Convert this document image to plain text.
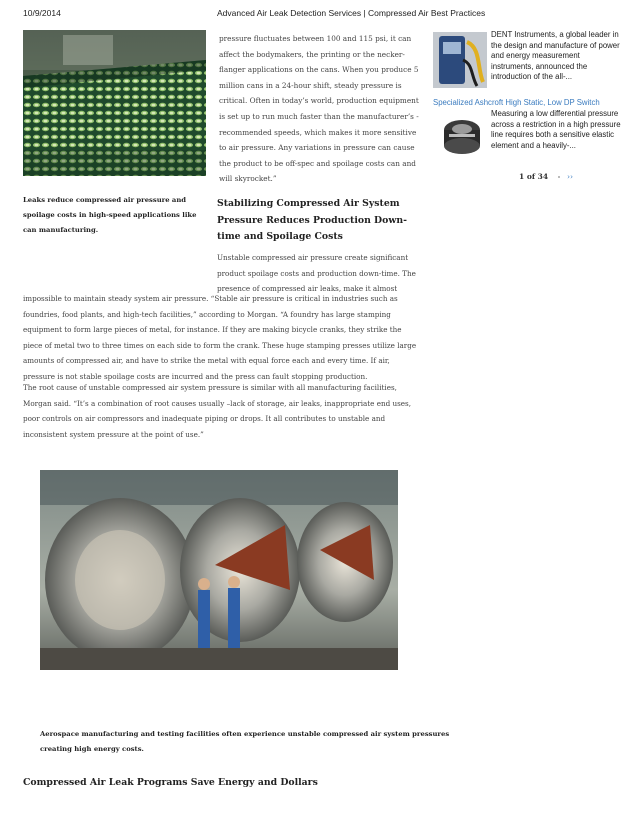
10/9/2014	Advanced Air Leak Detection Services | Compressed Air Best Practices

pressure fluctuates between 100 and 115 psi, it can affect the bodymakers, the printing or the necker-flanger applications on the cans. When you produce 5 million cans in a 24-hour shift, steady pressure is critical. Often in today’s world, production equipment is set up to run much faster than the manufacturer’s - recommended speeds, which makes it more sensitive to air pressure. Any variations in pressure can cause the product to be off-spec and spoilage costs can and will skyrocket.”

Leaks reduce compressed air pressure and spoilage costs in high-speed applications like can manufacturing.

Stabilizing Compressed Air System Pressure Reduces Production Down-time and Spoilage Costs

Unstable compressed air pressure create significant product spoilage costs and production down-time. The presence of compressed air leaks, make it almost

impossible to maintain steady system air pressure. “Stable air pressure is critical in industries such as foundries, food plants, and high-tech facilities,” according to Morgan. “A foundry has large stamping equipment to form large pieces of metal, for instance. If they are making bicycle cranks, they strike the piece of metal two to three times on each side to form the crank. These huge stamping presses utilize large amounts of compressed air, and have to strike the metal with equal force each and every time. If air, pressure is not stable spoilage costs are incurred and the press can fault stopping production.

The root cause of unstable compressed air system pressure is similar with all manufacturing facilities, Morgan said. “It’s a combination of root causes usually –lack of storage, air leaks, inappropriate end uses, poor controls on air compressors and inadequate piping or drops. It all contributes to unstable and inconsistent system pressure at the point of use.”

Aerospace manufacturing and testing facilities often experience unstable compressed air system pressures creating high energy costs.

Compressed Air Leak Programs Save Energy and Dollars

DENT Instruments, a global leader in the design and manufacture of power and energy measurement instruments, announced the introduction of the all-...

Specialized Ashcroft High Static, Low DP Switch

Measuring a low differential pressure across a restriction in a high pressure line requires both a sensitive elastic element and a heavily-...

1 of 34	››
